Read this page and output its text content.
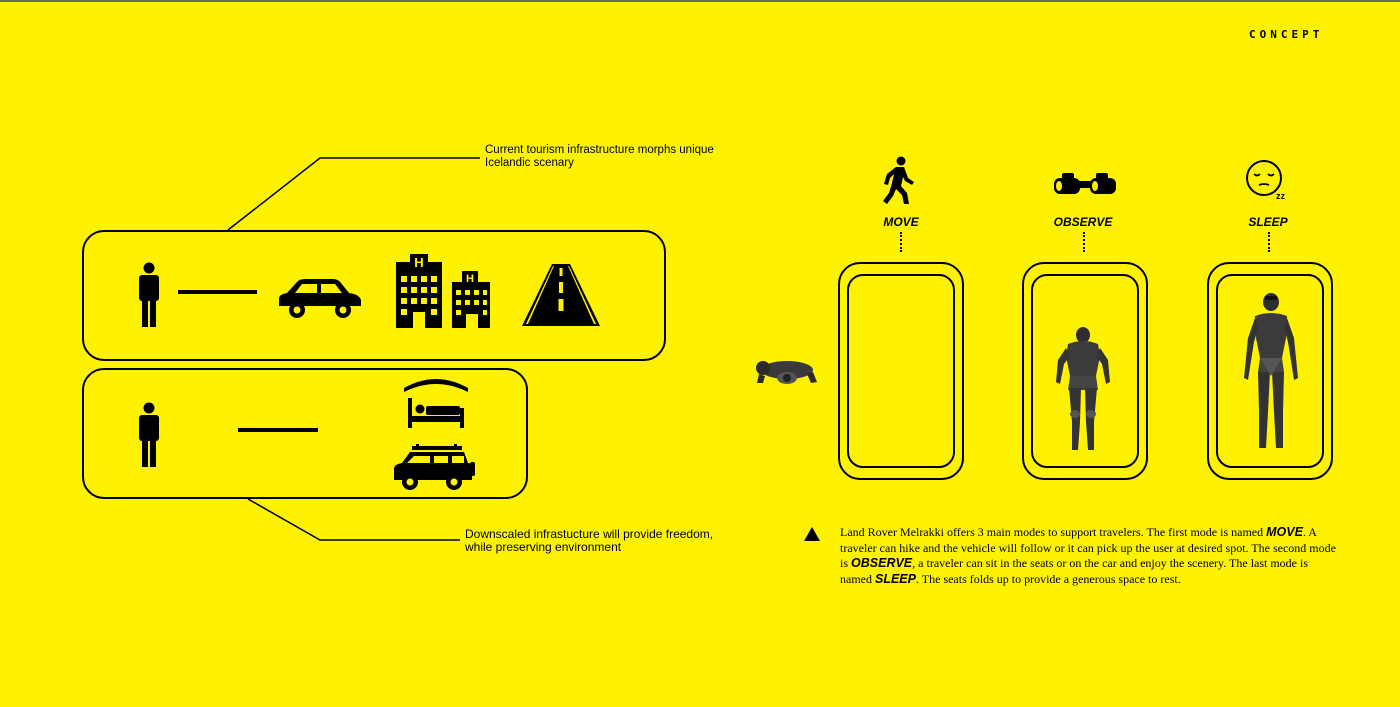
CONCEPT
Current tourism infrastructure morphs unique Icelandic scenary
Downscaled infrastucture will provide freedom, while preserving environment
H
H
MOVE	OBSERVE
zz
SLEEP
Land Rover Melrakki offers 3 main modes to support travelers. The first mode is named MOVE. A traveler can hike and the vehicle will follow or it can pick up the user at desired spot. The second mode is OBSERVE, a traveler can sit in the seats or on the car and enjoy the scenery. The last mode is named SLEEP. The seats folds up to provide a generous space to rest.
